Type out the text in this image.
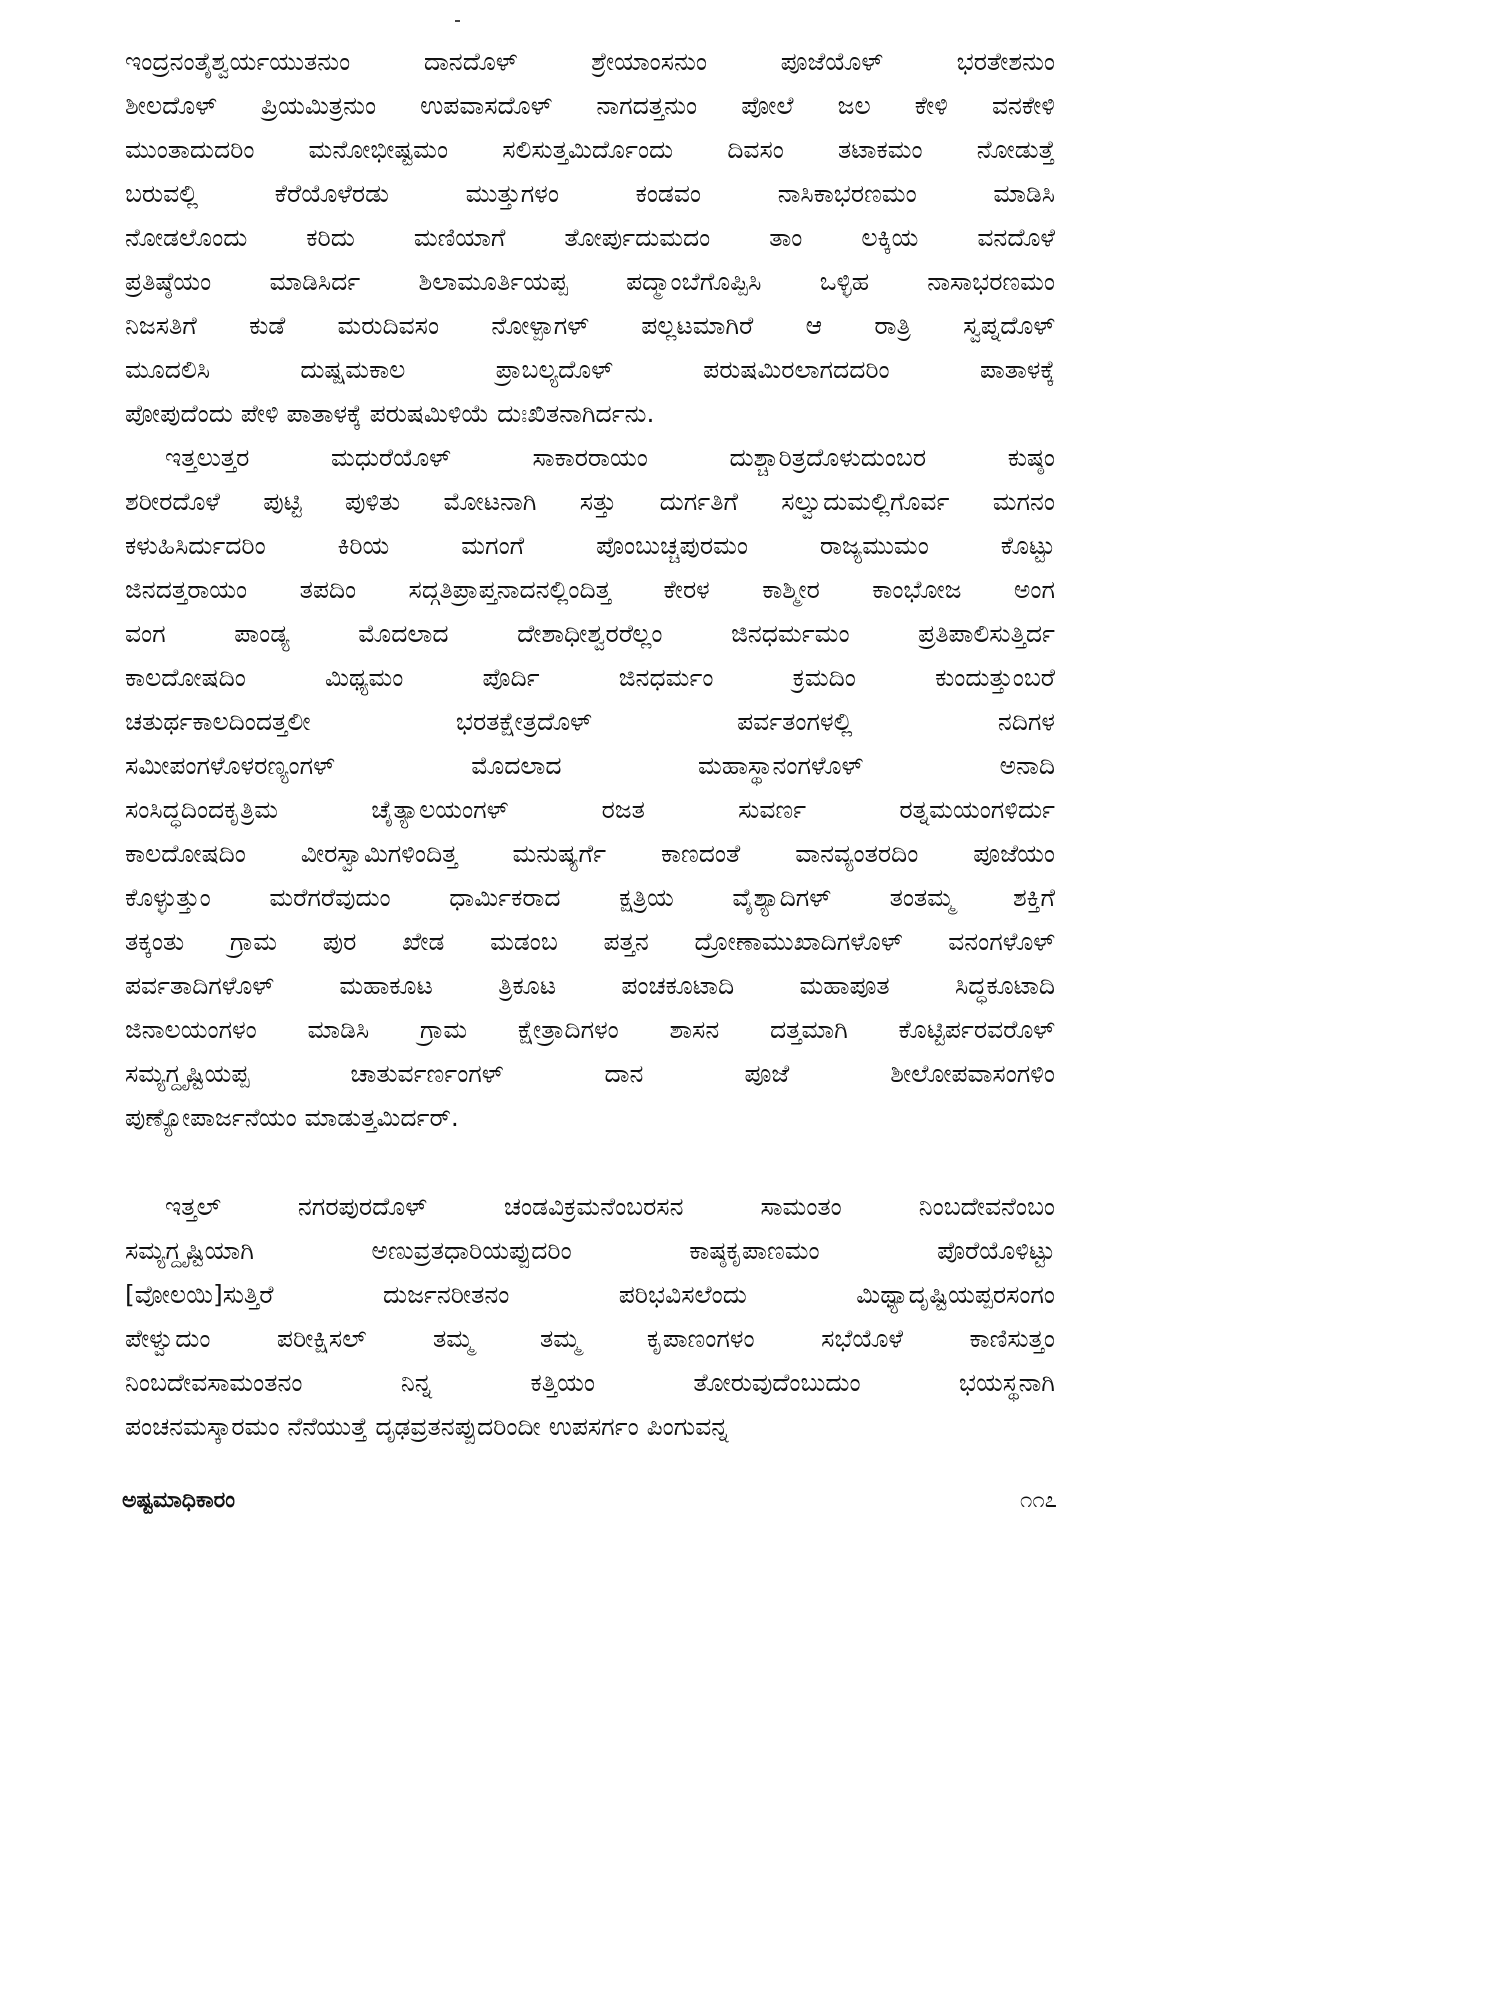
ಇಂದ್ರನಂತೈಶ್ವರ್ಯಯುತನುಂ ದಾನದೊಳ್ ಶ್ರೇಯಾಂಸನುಂ ಪೂಜೆಯೊಳ್ ಭರತೇಶನುಂ
ಶೀಲದೊಳ್ ಪ್ರಿಯಮಿತ್ರನುಂ ಉಪವಾಸದೊಳ್ ನಾಗದತ್ತನುಂ ಪೋಲೆ ಜಲ ಕೇಳಿ ವನಕೇಳಿ
ಮುಂತಾದುದರಿಂ ಮನೋಭೀಷ್ಟಮಂ ಸಲಿಸುತ್ತಮಿರ್ದೊಂದು ದಿವಸಂ ತಟಾಕಮಂ ನೋಡುತ್ತೆ
ಬರುವಲ್ಲಿ ಕೆರೆಯೊಳೆರಡು ಮುತ್ತುಗಳಂ ಕಂಡವಂ ನಾಸಿಕಾಭರಣಮಂ ಮಾಡಿಸಿ
ನೋಡಲೊಂದು ಕರಿದು ಮಣಿಯಾಗೆ ತೋರ್ಪುದುಮದಂ ತಾಂ ಲಕ್ಕಿಯ ವನದೊಳೆ
ಪ್ರತಿಷ್ಠೆಯಂ ಮಾಡಿಸಿರ್ದ ಶಿಲಾಮೂರ್ತಿಯಪ್ಪ ಪದ್ಮಾಂಬೆಗೊಪ್ಪಿಸಿ ಒಳ್ಳಿಹ ನಾಸಾಭರಣಮಂ
ನಿಜಸತಿಗೆ ಕುಡೆ ಮರುದಿವಸಂ ನೋಳ್ಪಾಗಳ್ ಪಲ್ಲಟಮಾಗಿರೆ ಆ ರಾತ್ರಿ ಸ್ವಪ್ನದೊಳ್
ಮೂದಲಿಸಿ ದುಷ್ಷಮಕಾಲ ಪ್ರಾಬಲ್ಯದೊಳ್ ಪರುಷಮಿರಲಾಗದದರಿಂ ಪಾತಾಳಕ್ಕೆ
ಪೋಪುದೆಂದು ಪೇಳಿ ಪಾತಾಳಕ್ಕೆ ಪರುಷಮಿಳಿಯೆ ದುಃಖಿತನಾಗಿರ್ದನು.

ಇತ್ತಲುತ್ತರ ಮಧುರೆಯೊಳ್ ಸಾಕಾರರಾಯಂ ದುಶ್ಚಾರಿತ್ರದೊಳುದುಂಬರ ಕುಷ್ಠಂ
ಶರೀರದೊಳೆ ಪುಟ್ಟಿ ಪುಳಿತು ಮೋಟನಾಗಿ ಸತ್ತು ದುರ್ಗತಿಗೆ ಸಲ್ವುದುಮಲ್ಲಿಗೊರ್ವ ಮಗನಂ
ಕಳುಹಿಸಿರ್ದುದರಿಂ ಕಿರಿಯ ಮಗಂಗೆ ಪೊಂಬುಚ್ಚಪುರಮಂ ರಾಜ್ಯಮುಮಂ ಕೊಟ್ಟು
ಜಿನದತ್ತರಾಯಂ ತಪದಿಂ ಸದ್ಗತಿಪ್ರಾಪ್ತನಾದನಲ್ಲಿಂದಿತ್ತ ಕೇರಳ ಕಾಶ್ಮೀರ ಕಾಂಭೋಜ ಅಂಗ
ವಂಗ ಪಾಂಡ್ಯ ಮೊದಲಾದ ದೇಶಾಧೀಶ್ವರರೆಲ್ಲಂ ಜಿನಧರ್ಮಮಂ ಪ್ರತಿಪಾಲಿಸುತ್ತಿರ್ದ
ಕಾಲದೋಷದಿಂ ಮಿಥ್ಯಮಂ ಪೊರ್ದಿ ಜಿನಧರ್ಮಂ ಕ್ರಮದಿಂ ಕುಂದುತ್ತುಂಬರೆ
ಚತುರ್ಥಕಾಲದಿಂದತ್ತಲೀ ಭರತಕ್ಷೇತ್ರದೊಳ್ ಪರ್ವತಂಗಳಲ್ಲಿ ನದಿಗಳ
ಸಮೀಪಂಗಳೊಳರಣ್ಯಂಗಳ್ ಮೊದಲಾದ ಮಹಾಸ್ಥಾನಂಗಳೊಳ್ ಅನಾದಿ
ಸಂಸಿದ್ಧದಿಂದಕೃತ್ರಿಮ ಚೈತ್ಯಾಲಯಂಗಳ್ ರಜತ ಸುವರ್ಣ ರತ್ನಮಯಂಗಳಿರ್ದು
ಕಾಲದೋಷದಿಂ ವೀರಸ್ವಾಮಿಗಳಿಂದಿತ್ತ ಮನುಷ್ಯರ್ಗೆ ಕಾಣದಂತೆ ವಾನವ್ಯಂತರದಿಂ ಪೂಜೆಯಂ
ಕೊಳ್ಳುತ್ತುಂ ಮರೆಗರೆವುದುಂ ಧಾರ್ಮಿಕರಾದ ಕ್ಷತ್ರಿಯ ವೈಶ್ಯಾದಿಗಳ್ ತಂತಮ್ಮ ಶಕ್ತಿಗೆ
ತಕ್ಕಂತು ಗ್ರಾಮ ಪುರ ಖೇಡ ಮಡಂಬ ಪತ್ತನ ದ್ರೋಣಾಮುಖಾದಿಗಳೊಳ್ ವನಂಗಳೊಳ್
ಪರ್ವತಾದಿಗಳೊಳ್ ಮಹಾಕೂಟ ತ್ರಿಕೂಟ ಪಂಚಕೂಟಾದಿ ಮಹಾಪೂತ ಸಿದ್ಧಕೂಟಾದಿ
ಜಿನಾಲಯಂಗಳಂ ಮಾಡಿಸಿ ಗ್ರಾಮ ಕ್ಷೇತ್ರಾದಿಗಳಂ ಶಾಸನ ದತ್ತಮಾಗಿ ಕೊಟ್ಟಿರ್ಪರವರೊಳ್
ಸಮ್ಯಗ್ದೃಷ್ಟಿಯಪ್ಪ ಚಾತುರ್ವರ್ಣಂಗಳ್ ದಾನ ಪೂಜೆ ಶೀಲೋಪವಾಸಂಗಳಿಂ
ಪುಣ್ಯೋಪಾರ್ಜನೆಯಂ ಮಾಡುತ್ತಮಿರ್ದರ್.

ಇತ್ತಲ್ ನಗರಪುರದೊಳ್ ಚಂಡವಿಕ್ರಮನೆಂಬರಸನ ಸಾಮಂತಂ ನಿಂಬದೇವನೆಂಬಂ
ಸಮ್ಯಗ್ದೃಷ್ಟಿಯಾಗಿ ಅಣುವ್ರತಧಾರಿಯಪ್ಪುದರಿಂ ಕಾಷ್ಠಕೃಪಾಣಮಂ ಪೊರೆಯೊಳಿಟ್ಟು
[ವೋಲಯಿ]ಸುತ್ತಿರೆ ದುರ್ಜನರೀತನಂ ಪರಿಭವಿಸಲೆಂದು ಮಿಥ್ಯಾದೃಷ್ಟಿಯಪ್ಪರಸಂಗಂ
ಪೇಳ್ವುದುಂ ಪರೀಕ್ಷಿಸಲ್ ತಮ್ಮ ತಮ್ಮ ಕೃಪಾಣಂಗಳಂ ಸಭೆಯೊಳೆ ಕಾಣಿಸುತ್ತಂ
ನಿಂಬದೇವಸಾಮಂತನಂ ನಿನ್ನ ಕತ್ತಿಯಂ ತೋರುವುದೆಂಬುದುಂ ಭಯಸ್ಥನಾಗಿ
ಪಂಚನಮಸ್ಕಾರಮಂ ನೆನೆಯುತ್ತೆ ದೃಢವ್ರತನಪ್ಪುದರಿಂದೀ ಉಪಸರ್ಗಂ ಪಿಂಗುವನ್ನ

ಅಷ್ಟಮಾಧಿಕಾರಂ	೧೧೭
